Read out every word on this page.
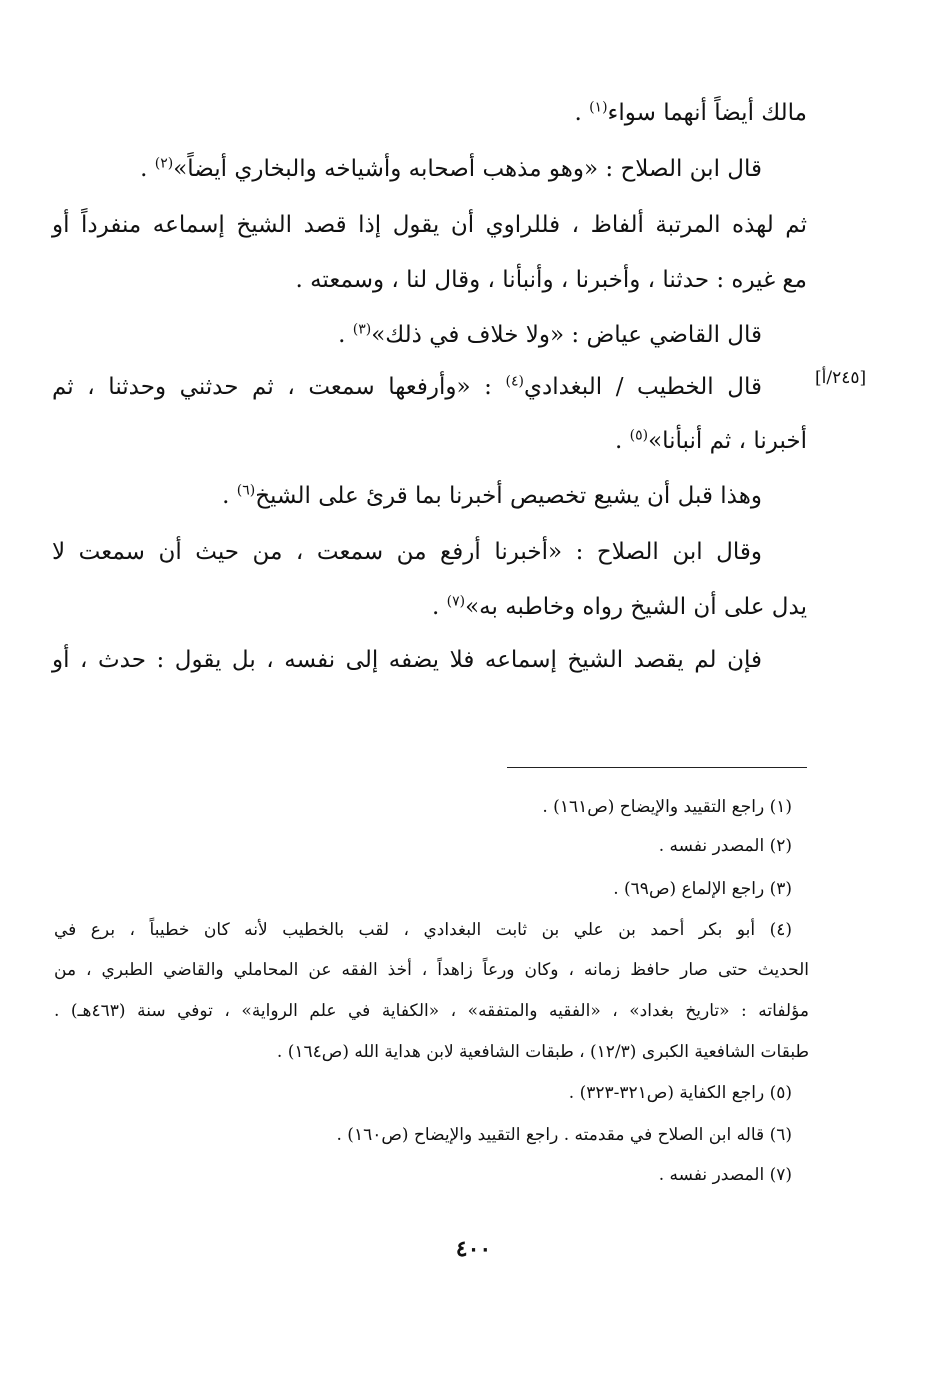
مالك أيضاً أنهما سواء$^{(١)}$ .
قال ابن الصلاح : «وهو مذهب أصحابه وأشياخه والبخاري أيضاً»$^{(٢)}$ .
ثم لهذه المرتبة ألفاظ ، فللراوي أن يقول إذا قصد الشيخ إسماعه منفرداً أو
مع غيره : حدثنا ، وأخبرنا ، وأنبأنا ، وقال لنا ، وسمعته .
قال القاضي عياض : «ولا خلاف في ذلك»$^{(٣)}$ .
[٢٤٥/أ]
قال الخطيب / البغدادي$^{(٤)}$ : «وأرفعها سمعت ، ثم حدثني وحدثنا ، ثم
أخبرنا ، ثم أنبأنا»$^{(٥)}$ .
وهذا قبل أن يشيع تخصيص أخبرنا بما قرئ على الشيخ$^{(٦)}$ .
وقال ابن الصلاح : «أخبرنا أرفع من سمعت ، من حيث أن سمعت لا
يدل على أن الشيخ رواه وخاطبه به»$^{(٧)}$ .
فإن لم يقصد الشيخ إسماعه فلا يضفه إلى نفسه ، بل يقول : حدث ، أو
(١) راجع التقييد والإيضاح (ص١٦١) .
(٢) المصدر نفسه .
(٣) راجع الإلماع (ص٦٩) .
(٤) أبو بكر أحمد بن علي بن ثابت البغدادي ، لقب بالخطيب لأنه كان خطيباً ، برع في
الحديث حتى صار حافظ زمانه ، وكان ورعاً زاهداً ، أخذ الفقه عن المحاملي والقاضي الطبري ، من
مؤلفاته : «تاريخ بغداد» ، «الفقيه والمتفقه» ، «الكفاية في علم الرواية» ، توفي سنة (٤٦٣هـ) .
طبقات الشافعية الكبرى (١٢/٣) ، طبقات الشافعية لابن هداية الله (ص١٦٤) .
(٥) راجع الكفاية (ص٣٢١-٣٢٣) .
(٦) قاله ابن الصلاح في مقدمته . راجع التقييد والإيضاح (ص١٦٠) .
(٧) المصدر نفسه .
٤٠٠
